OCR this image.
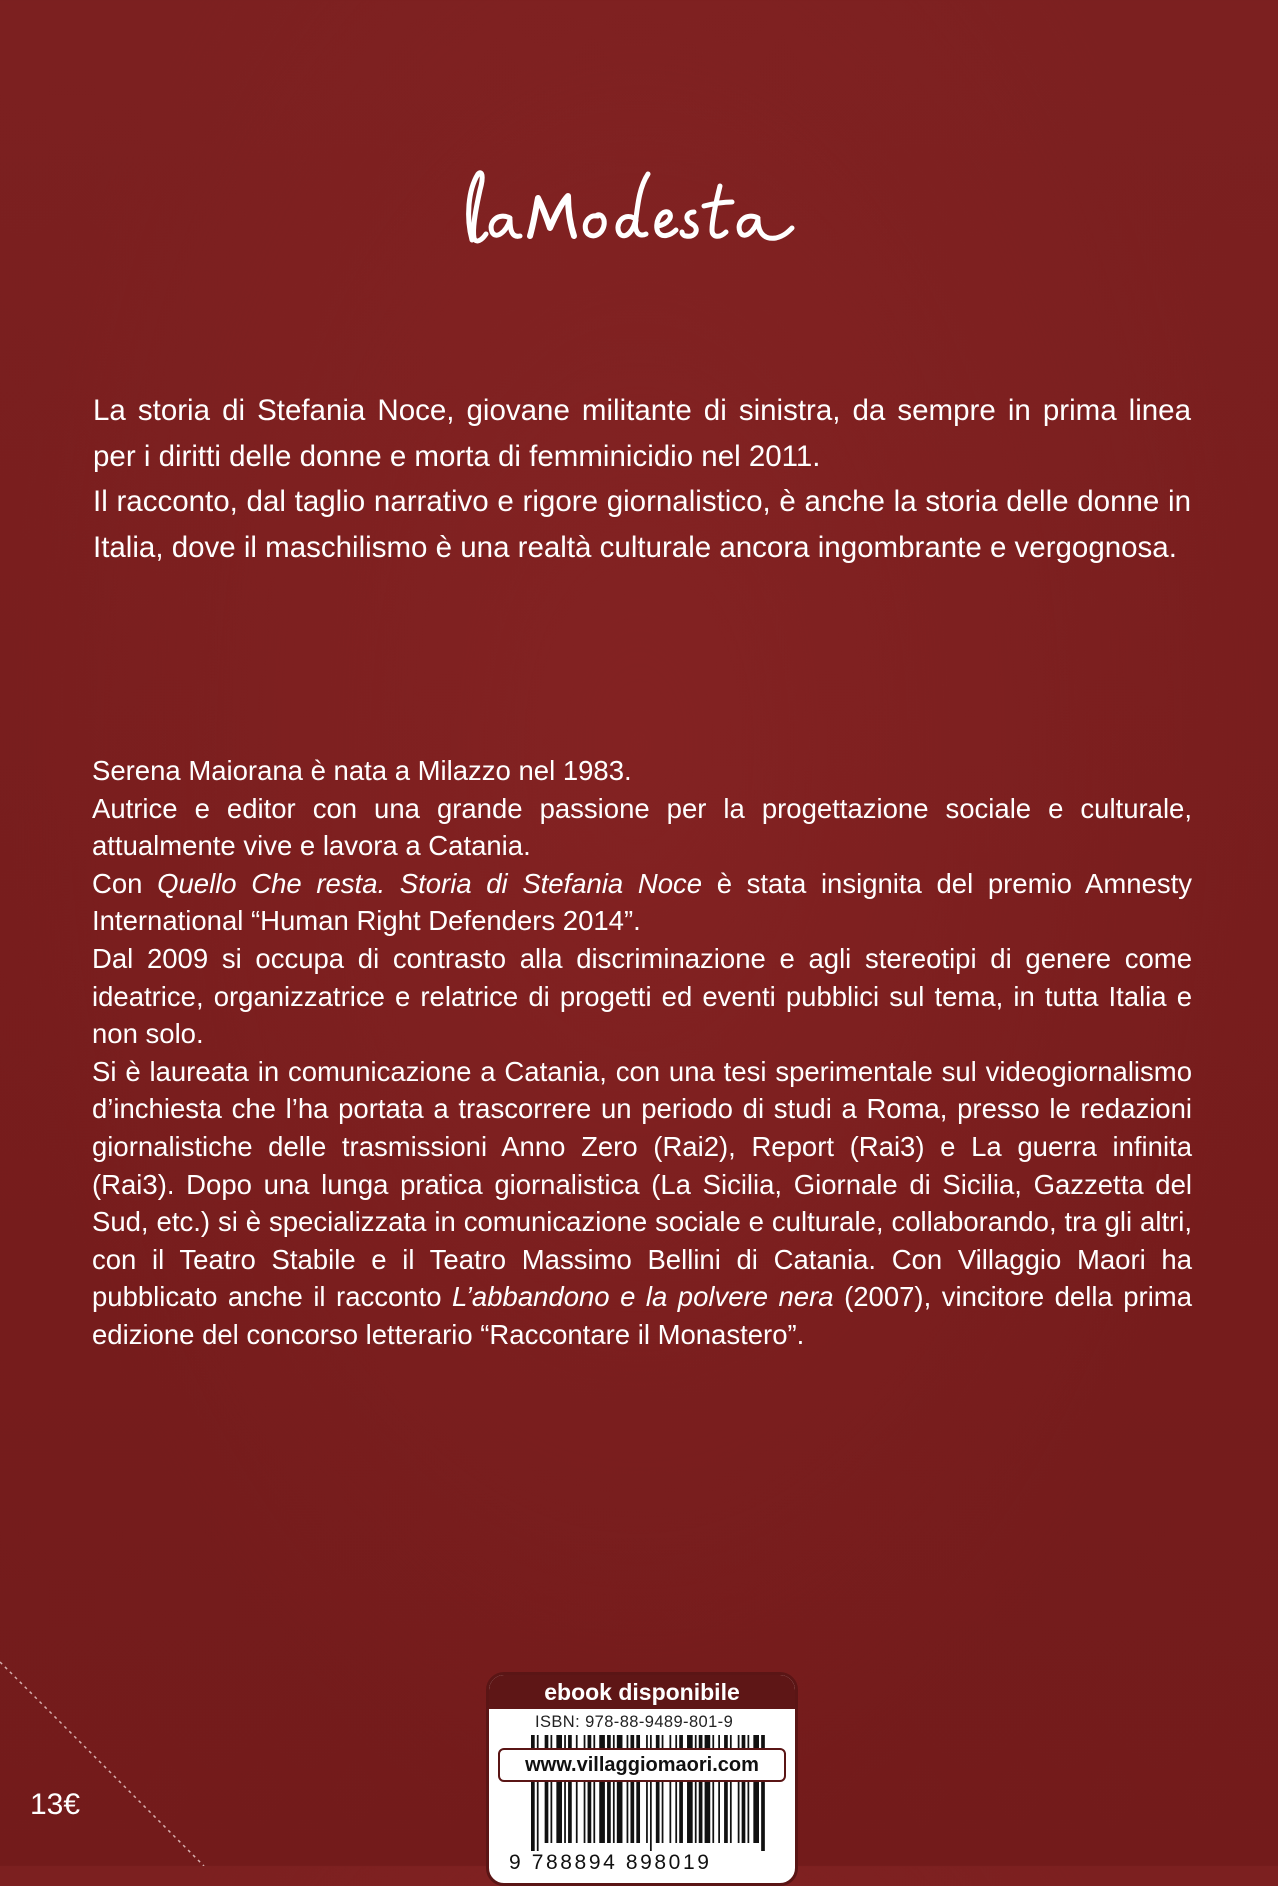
La storia di Stefania Noce, giovane militante di sinistra, da sempre in prima linea per i diritti delle donne e morta di femminicidio nel 2011.

Il racconto, dal taglio narrativo e rigore giornalistico, è anche la storia delle donne in Italia, dove il maschilismo è una realtà culturale ancora ingombrante e vergognosa.

Serena Maiorana è nata a Milazzo nel 1983.

Autrice e editor con una grande passione per la progettazione sociale e culturale, attualmente vive e lavora a Catania.

Con Quello Che resta. Storia di Stefania Noce è stata insignita del premio Amnesty International “Human Right Defenders 2014”.

Dal 2009 si occupa di contrasto alla discriminazione e agli stereotipi di genere come ideatrice, organizzatrice e relatrice di progetti ed eventi pubblici sul tema, in tutta Italia e non solo.

Si è laureata in comunicazione a Catania, con una tesi sperimentale sul videogiornalismo d’inchiesta che l’ha portata a trascorrere un periodo di studi a Roma, presso le redazioni giornalistiche delle trasmissioni Anno Zero (Rai2), Report (Rai3) e La guerra infinita (Rai3). Dopo una lunga pratica giornalistica (La Sicilia, Giornale di Sicilia, Gazzetta del Sud, etc.) si è specializzata in comunicazione sociale e culturale, collaborando, tra gli altri, con il Teatro Stabile e il Teatro Massimo Bellini di Catania. Con Villaggio Maori ha pubblicato anche il racconto L’abbandono e la polvere nera (2007), vincitore della prima edizione del concorso letterario “Raccontare il Monastero”.

ebook disponibile
ISBN: 978-88-9489-801-9
9 788894 898019
www.villaggiomaori.com
13€
